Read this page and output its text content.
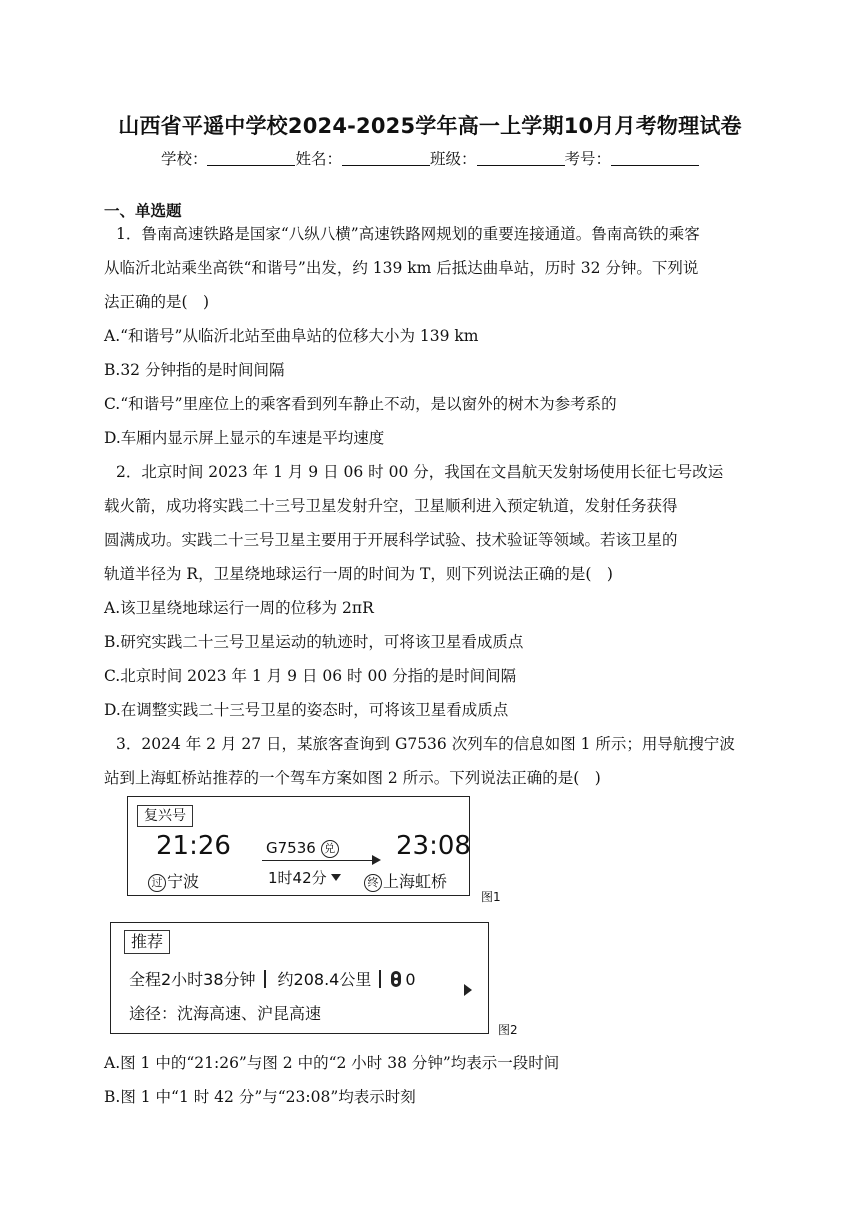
山西省平遥中学校2024-2025学年高一上学期10月月考物理试卷
学校：	姓名：	班级：	考号：
一、单选题
1．鲁南高速铁路是国家“八纵八横”高速铁路网规划的重要连接通道。鲁南高铁的乘客
从临沂北站乘坐高铁“和谐号”出发，约 139 km 后抵达曲阜站，历时 32 分钟。下列说
法正确的是(　)
A.“和谐号”从临沂北站至曲阜站的位移大小为 139 km
B.32 分钟指的是时间间隔
C.“和谐号”里座位上的乘客看到列车静止不动，是以窗外的树木为参考系的
D.车厢内显示屏上显示的车速是平均速度
2．北京时间 2023 年 1 月 9 日 06 时 00 分，我国在文昌航天发射场使用长征七号改运
载火箭，成功将实践二十三号卫星发射升空，卫星顺利进入预定轨道，发射任务获得
圆满成功。实践二十三号卫星主要用于开展科学试验、技术验证等领域。若该卫星的
轨道半径为 R，卫星绕地球运行一周的时间为 T，则下列说法正确的是(　)
A.该卫星绕地球运行一周的位移为 2πR
B.研究实践二十三号卫星运动的轨迹时，可将该卫星看成质点
C.北京时间 2023 年 1 月 9 日 06 时 00 分指的是时间间隔
D.在调整实践二十三号卫星的姿态时，可将该卫星看成质点
3．2024 年 2 月 27 日，某旅客查询到 G7536 次列车的信息如图 1 所示；用导航搜宁波
站到上海虹桥站推荐的一个驾车方案如图 2 所示。下列说法正确的是(　)
复兴号
21:26	23:08
G7536 兑
1时42分
过 宁波	终 上海虹桥
图1
推荐
全程2小时38分钟 约208.4公里 0
途径：沈海高速、沪昆高速
图2
A.图 1 中的“21:26”与图 2 中的“2 小时 38 分钟”均表示一段时间
B.图 1 中“1 时 42 分”与“23:08”均表示时刻
